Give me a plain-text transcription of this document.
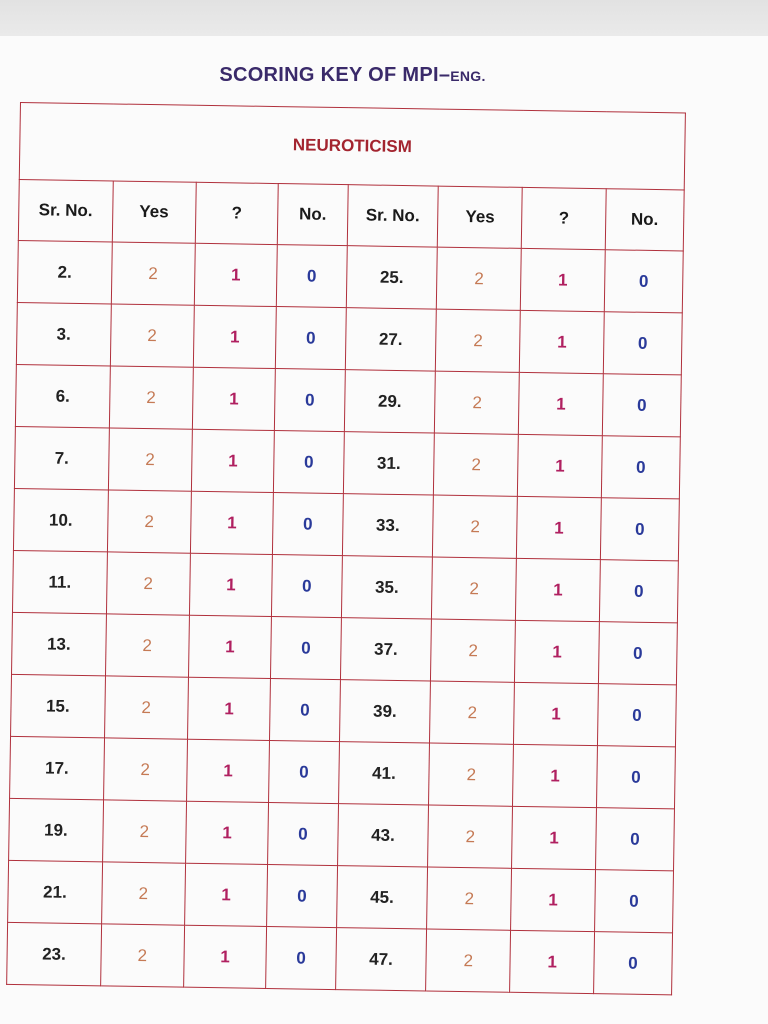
SCORING KEY OF MPI–ENG.
NEUROTICISM							
Sr. No.	Yes	?	No.	Sr. No.	Yes	?	No.
2.	2	1	0	25.	2	1	0
3.	2	1	0	27.	2	1	0
6.	2	1	0	29.	2	1	0
7.	2	1	0	31.	2	1	0
10.	2	1	0	33.	2	1	0
11.	2	1	0	35.	2	1	0
13.	2	1	0	37.	2	1	0
15.	2	1	0	39.	2	1	0
17.	2	1	0	41.	2	1	0
19.	2	1	0	43.	2	1	0
21.	2	1	0	45.	2	1	0
23.	2	1	0	47.	2	1	0
